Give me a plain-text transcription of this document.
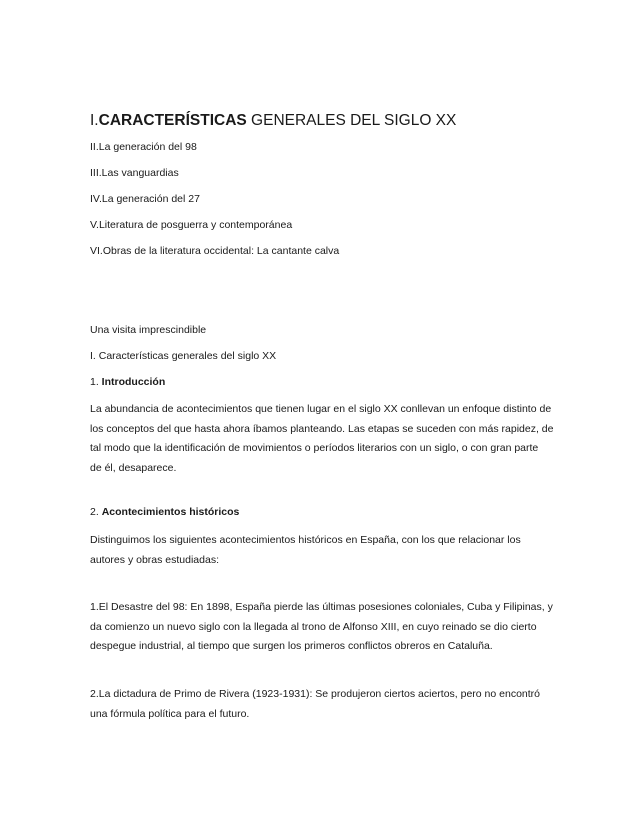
I.CARACTERÍSTICAS GENERALES DEL SIGLO XX
II.La generación del 98
III.Las vanguardias
IV.La generación del 27
V.Literatura de posguerra y contemporánea
VI.Obras de la literatura occidental: La cantante calva
Una visita imprescindible
I. Características generales del siglo XX
1. Introducción
La abundancia de acontecimientos que tienen lugar en el siglo XX conllevan un enfoque distinto de
los conceptos del que hasta ahora íbamos planteando. Las etapas se suceden con más rapidez, de
tal modo que la identificación de movimientos o períodos literarios con un siglo, o con gran parte
de él, desaparece.
2. Acontecimientos históricos
Distinguimos los siguientes acontecimientos históricos en España, con los que relacionar los
autores y obras estudiadas:
1.El Desastre del 98: En 1898, España pierde las últimas posesiones coloniales, Cuba y Filipinas, y
da comienzo un nuevo siglo con la llegada al trono de Alfonso XIII, en cuyo reinado se dio cierto
despegue industrial, al tiempo que surgen los primeros conflictos obreros en Cataluña.
2.La dictadura de Primo de Rivera (1923-1931): Se produjeron ciertos aciertos, pero no encontró
una fórmula política para el futuro.
